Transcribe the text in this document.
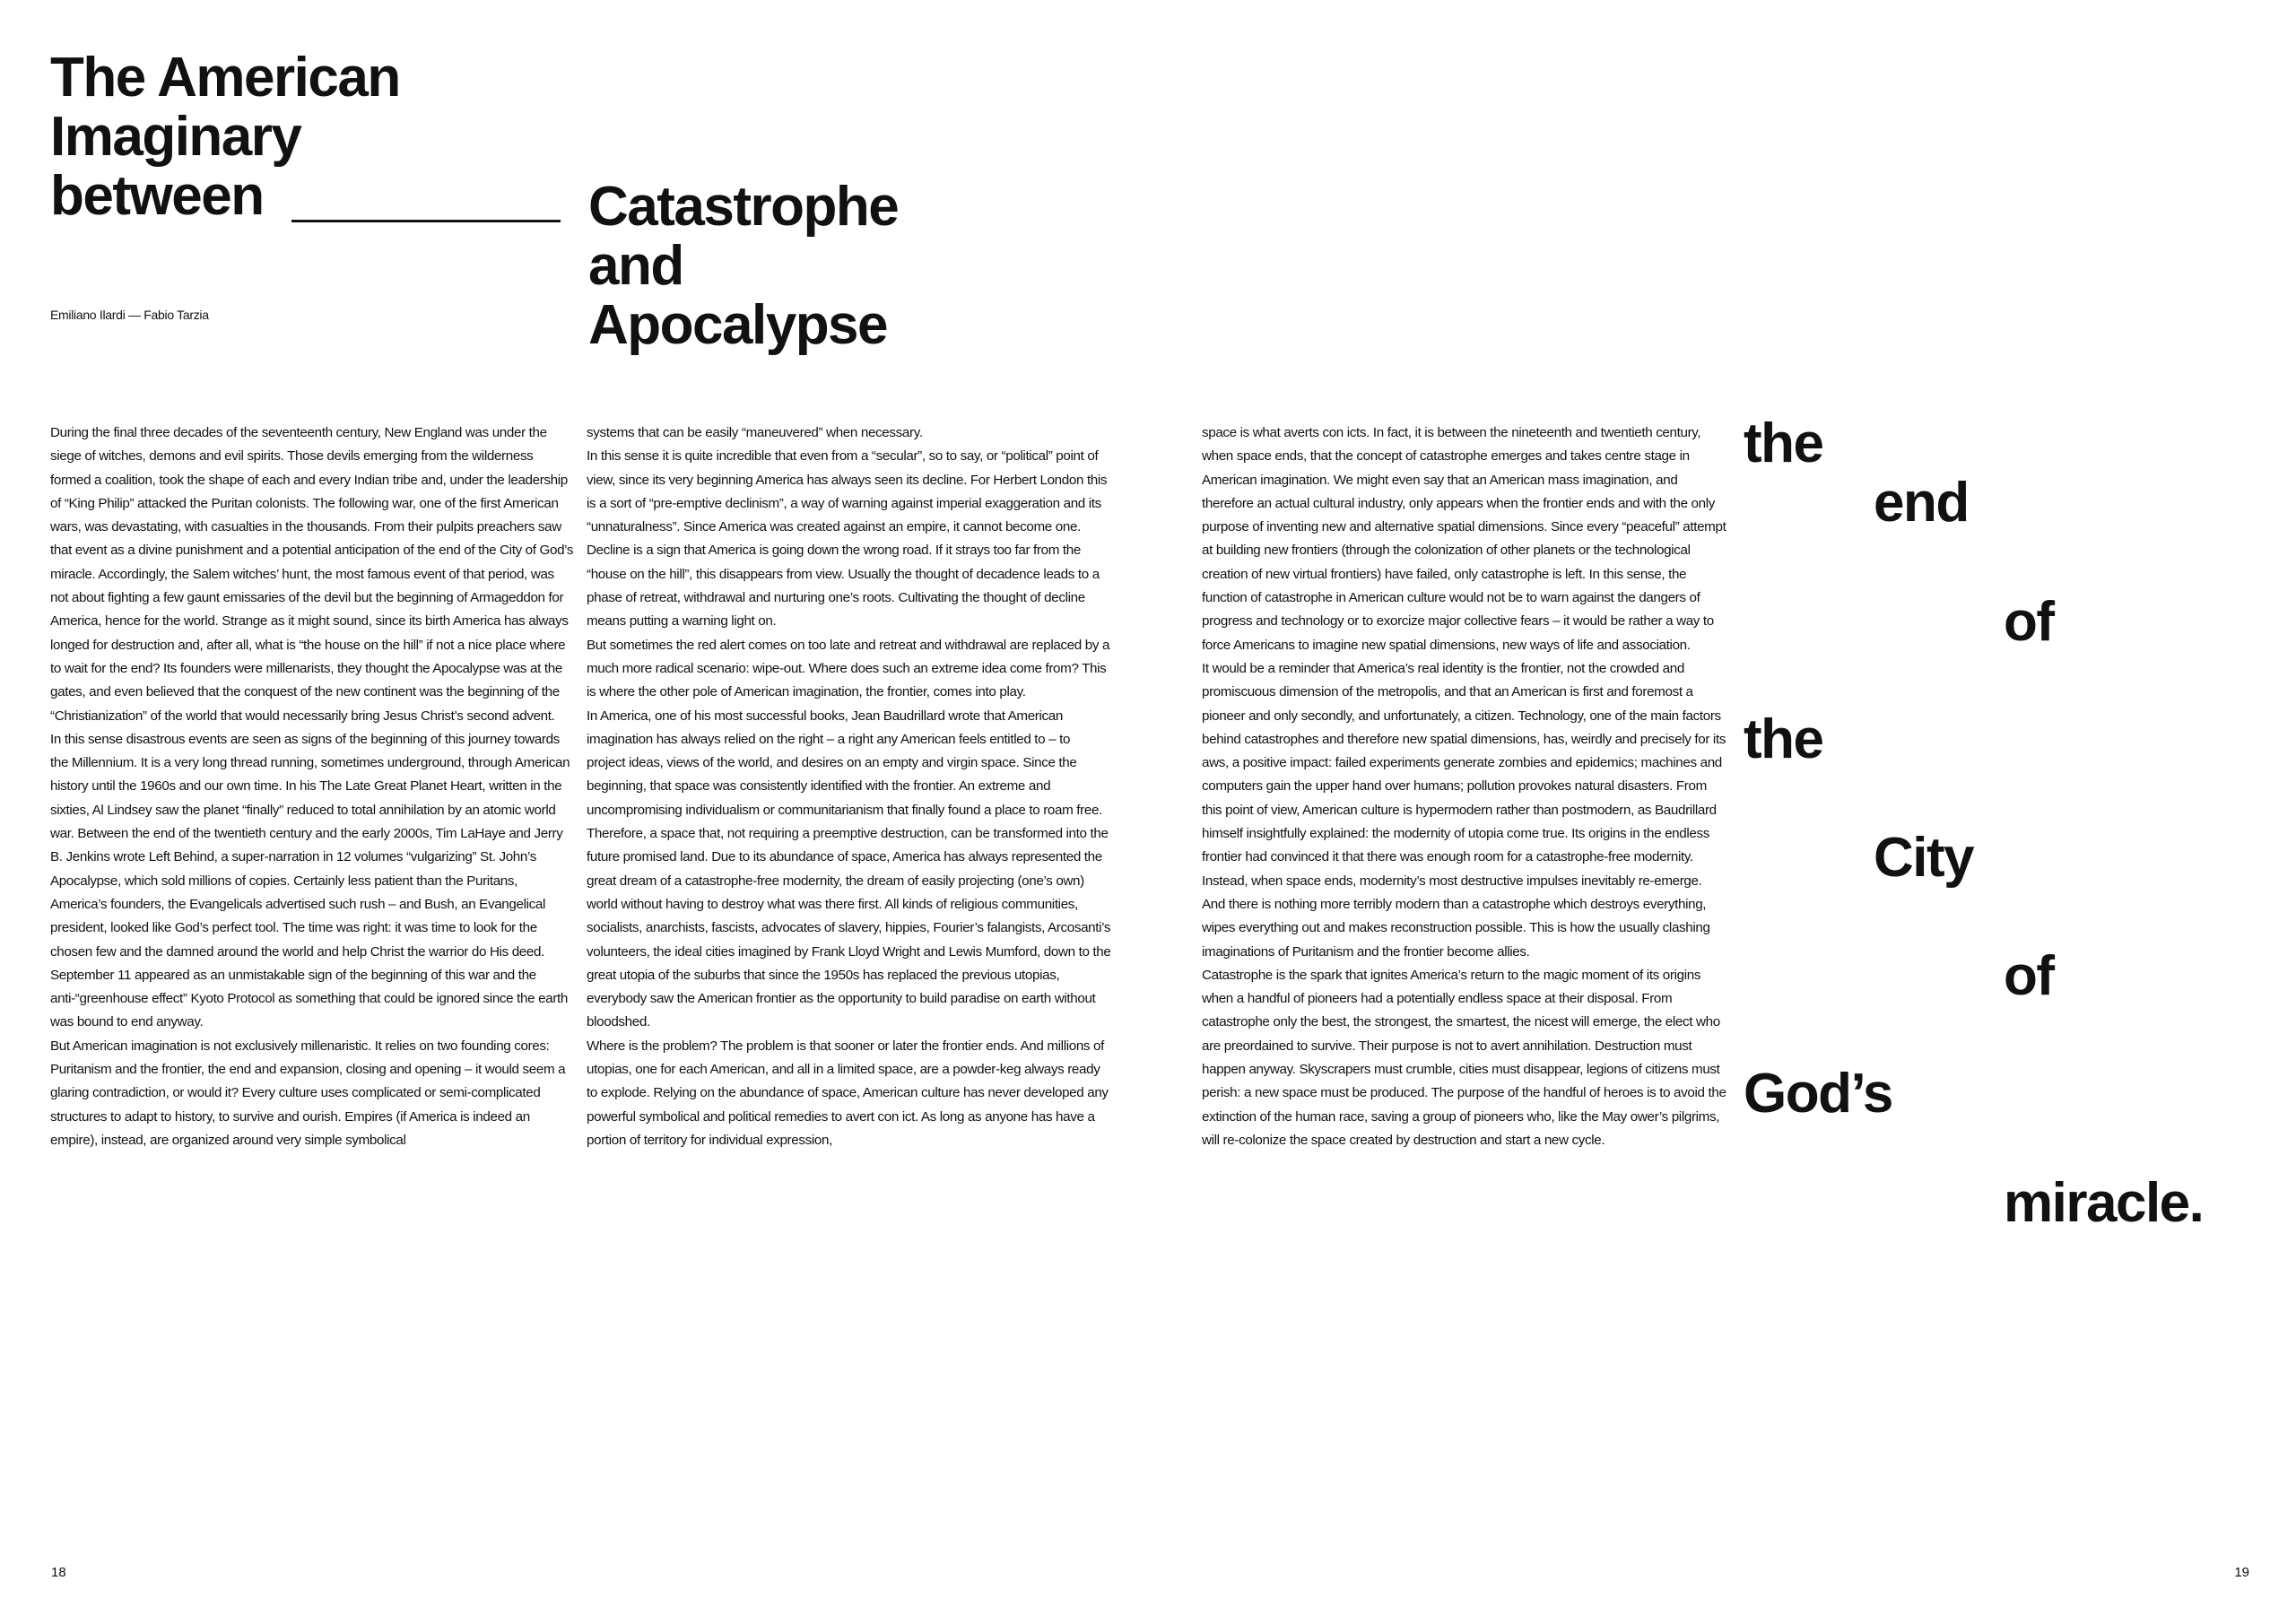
The American
Imaginary
between	Catastrophe
and
Apocalypse
Emiliano Ilardi — Fabio Tarzia

During the final three decades of the seventeenth century, New England was under the siege of witches, demons and evil spirits. Those devils emerging from the wilderness formed a coalition, took the shape of each and every Indian tribe and, under the leadership of “King Philip” attacked the Puritan colonists. The following war, one of the first American wars, was devastating, with casualties in the thousands. From their pulpits preachers saw that event as a divine punishment and a potential anticipation of the end of the City of God’s miracle. Accordingly, the Salem witches’ hunt, the most famous event of that period, was not about fighting a few gaunt emissaries of the devil but the beginning of Armageddon for America, hence for the world. Strange as it might sound, since its birth America has always longed for destruction and, after all, what is “the house on the hill” if not a nice place where to wait for the end? Its founders were millenarists, they thought the Apocalypse was at the gates, and even believed that the conquest of the new continent was the beginning of the “Christianization” of the world that would necessarily bring Jesus Christ’s second advent.

In this sense disastrous events are seen as signs of the beginning of this journey towards the Millennium. It is a very long thread running, sometimes underground, through American history until the 1960s and our own time. In his The Late Great Planet Heart, written in the sixties, Al Lindsey saw the planet “finally” reduced to total annihilation by an atomic world war. Between the end of the twentieth century and the early 2000s, Tim LaHaye and Jerry B. Jenkins wrote Left Behind, a super-narration in 12 volumes “vulgarizing” St. John’s Apocalypse, which sold millions of copies. Certainly less patient than the Puritans, America’s founders, the Evangelicals advertised such rush – and Bush, an Evangelical president, looked like God’s perfect tool. The time was right: it was time to look for the chosen few and the damned around the world and help Christ the warrior do His deed. September 11 appeared as an unmistakable sign of the beginning of this war and the anti-“greenhouse effect” Kyoto Protocol as something that could be ignored since the earth was bound to end anyway.

But American imagination is not exclusively millenaristic. It relies on two founding cores: Puritanism and the frontier, the end and expansion, closing and opening – it would seem a glaring contradiction, or would it? Every culture uses complicated or semi-complicated structures to adapt to history, to survive and ourish. Empires (if America is indeed an empire), instead, are organized around very simple symbolical

systems that can be easily “maneuvered” when necessary.

In this sense it is quite incredible that even from a “secular”, so to say, or “political” point of view, since its very beginning America has always seen its decline. For Herbert London this is a sort of “pre-emptive declinism”, a way of warning against imperial exaggeration and its “unnaturalness”. Since America was created against an empire, it cannot become one. Decline is a sign that America is going down the wrong road. If it strays too far from the “house on the hill”, this disappears from view. Usually the thought of decadence leads to a phase of retreat, withdrawal and nurturing one’s roots. Cultivating the thought of decline means putting a warning light on.

But sometimes the red alert comes on too late and retreat and withdrawal are replaced by a much more radical scenario: wipe-out. Where does such an extreme idea come from? This is where the other pole of American imagination, the frontier, comes into play.

In America, one of his most successful books, Jean Baudrillard wrote that American imagination has always relied on the right – a right any American feels entitled to – to project ideas, views of the world, and desires on an empty and virgin space. Since the beginning, that space was consistently identified with the frontier. An extreme and uncompromising individualism or communitarianism that finally found a place to roam free. Therefore, a space that, not requiring a preemptive destruction, can be transformed into the future promised land. Due to its abundance of space, America has always represented the great dream of a catastrophe-free modernity, the dream of easily projecting (one’s own) world without having to destroy what was there first. All kinds of religious communities, socialists, anarchists, fascists, advocates of slavery, hippies, Fourier’s falangists, Arcosanti’s volunteers, the ideal cities imagined by Frank Lloyd Wright and Lewis Mumford, down to the great utopia of the suburbs that since the 1950s has replaced the previous utopias, everybody saw the American frontier as the opportunity to build paradise on earth without bloodshed.

Where is the problem? The problem is that sooner or later the frontier ends. And millions of utopias, one for each American, and all in a limited space, are a powder-keg always ready to explode. Relying on the abundance of space, American culture has never developed any powerful symbolical and political remedies to avert con ict. As long as anyone has have a portion of territory for individual expression,

space is what averts con icts. In fact, it is between the nineteenth and twentieth century, when space ends, that the concept of catastrophe emerges and takes centre stage in American imagination. We might even say that an American mass imagination, and therefore an actual cultural industry, only appears when the frontier ends and with the only purpose of inventing new and alternative spatial dimensions. Since every “peaceful” attempt at building new frontiers (through the colonization of other planets or the technological creation of new virtual frontiers) have failed, only catastrophe is left. In this sense, the function of catastrophe in American culture would not be to warn against the dangers of progress and technology or to exorcize major collective fears – it would be rather a way to force Americans to imagine new spatial dimensions, new ways of life and association.

It would be a reminder that America’s real identity is the frontier, not the crowded and promiscuous dimension of the metropolis, and that an American is first and foremost a pioneer and only secondly, and unfortunately, a citizen. Technology, one of the main factors behind catastrophes and therefore new spatial dimensions, has, weirdly and precisely for its aws, a positive impact: failed experiments generate zombies and epidemics; machines and computers gain the upper hand over humans; pollution provokes natural disasters. From this point of view, American culture is hypermodern rather than postmodern, as Baudrillard himself insightfully explained: the modernity of utopia come true. Its origins in the endless frontier had convinced it that there was enough room for a catastrophe-free modernity. Instead, when space ends, modernity’s most destructive impulses inevitably re-emerge. And there is nothing more terribly modern than a catastrophe which destroys everything, wipes everything out and makes reconstruction possible. This is how the usually clashing imaginations of Puritanism and the frontier become allies.

Catastrophe is the spark that ignites America’s return to the magic moment of its origins when a handful of pioneers had a potentially endless space at their disposal. From catastrophe only the best, the strongest, the smartest, the nicest will emerge, the elect who are preordained to survive. Their purpose is not to avert annihilation. Destruction must happen anyway. Skyscrapers must crumble, cities must disappear, legions of citizens must perish: a new space must be produced. The purpose of the handful of heroes is to avoid the extinction of the human race, saving a group of pioneers who, like the May ower’s pilgrims, will re-colonize the space created by destruction and start a new cycle.

the
end
of
the
City
of
God’s
miracle.
18	19
